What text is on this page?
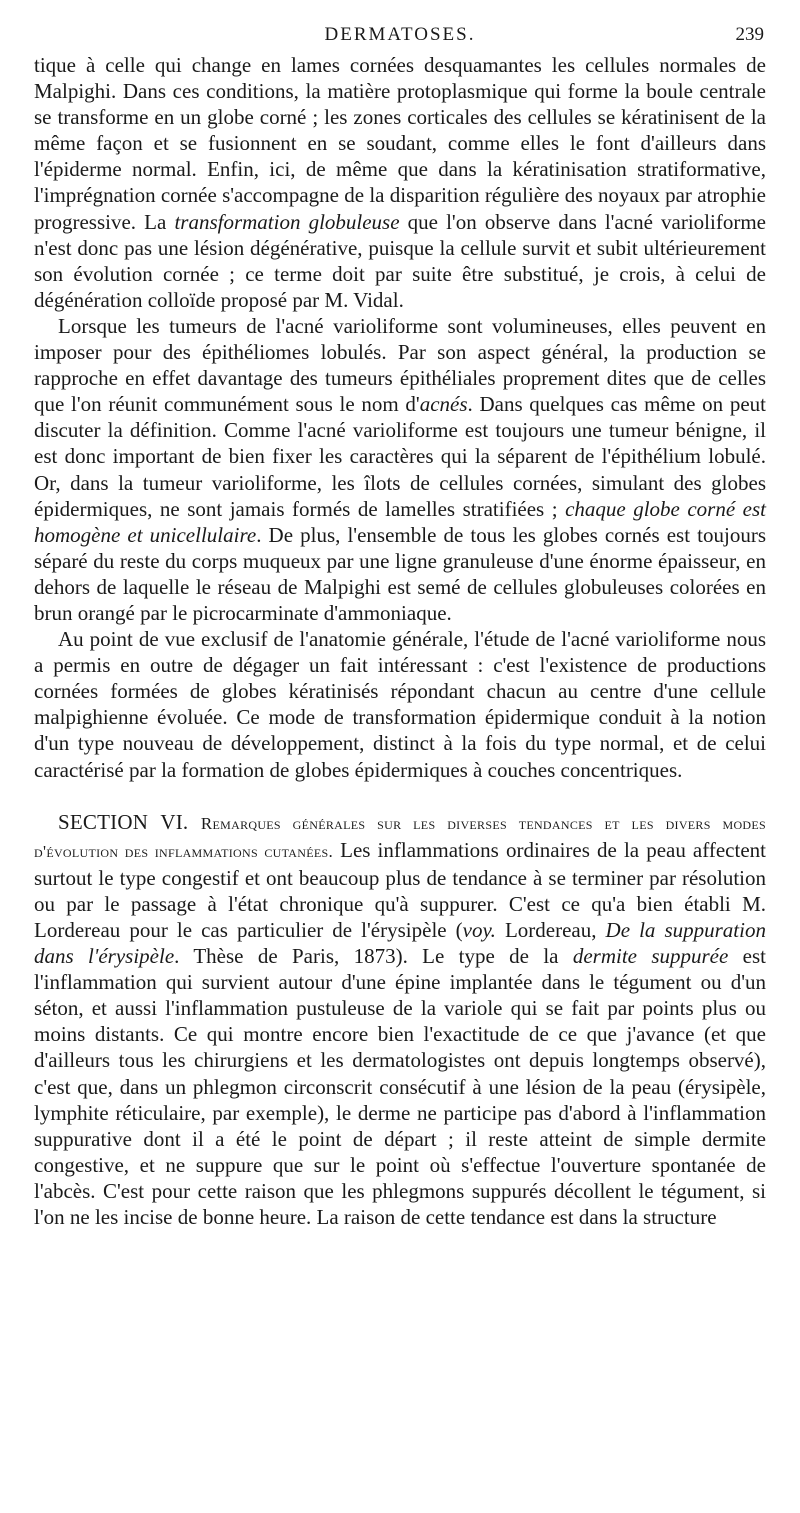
DERMATOSES.	239

tique à celle qui change en lames cornées desquamantes les cellules normales de Malpighi. Dans ces conditions, la matière protoplasmique qui forme la boule centrale se transforme en un globe corné ; les zones corticales des cellules se kératinisent de la même façon et se fusionnent en se soudant, comme elles le font d'ailleurs dans l'épiderme normal. Enfin, ici, de même que dans la kératinisation stratiformative, l'imprégnation cornée s'accompagne de la disparition régulière des noyaux par atrophie progressive. La transformation globuleuse que l'on observe dans l'acné varioliforme n'est donc pas une lésion dégénérative, puisque la cellule survit et subit ultérieurement son évolution cornée ; ce terme doit par suite être substitué, je crois, à celui de dégénération colloïde proposé par M. Vidal.

Lorsque les tumeurs de l'acné varioliforme sont volumineuses, elles peuvent en imposer pour des épithéliomes lobulés. Par son aspect général, la production se rapproche en effet davantage des tumeurs épithéliales proprement dites que de celles que l'on réunit communément sous le nom d'acnés. Dans quelques cas même on peut discuter la définition. Comme l'acné varioliforme est toujours une tumeur bénigne, il est donc important de bien fixer les caractères qui la séparent de l'épithélium lobulé. Or, dans la tumeur varioliforme, les îlots de cellules cornées, simulant des globes épidermiques, ne sont jamais formés de lamelles stratifiées ; chaque globe corné est homogène et unicellulaire. De plus, l'ensemble de tous les globes cornés est toujours séparé du reste du corps muqueux par une ligne granuleuse d'une énorme épaisseur, en dehors de laquelle le réseau de Malpighi est semé de cellules globuleuses colorées en brun orangé par le picrocarminate d'ammoniaque.

Au point de vue exclusif de l'anatomie générale, l'étude de l'acné varioliforme nous a permis en outre de dégager un fait intéressant : c'est l'existence de productions cornées formées de globes kératinisés répondant chacun au centre d'une cellule malpighienne évoluée. Ce mode de transformation épidermique conduit à la notion d'un type nouveau de développement, distinct à la fois du type normal, et de celui caractérisé par la formation de globes épidermiques à couches concentriques.

SECTION VI. Remarques générales sur les diverses tendances et les divers modes d'évolution des inflammations cutanées. Les inflammations ordinaires de la peau affectent surtout le type congestif et ont beaucoup plus de tendance à se terminer par résolution ou par le passage à l'état chronique qu'à suppurer. C'est ce qu'a bien établi M. Lordereau pour le cas particulier de l'érysipèle (voy. Lordereau, De la suppuration dans l'érysipèle. Thèse de Paris, 1873). Le type de la dermite suppurée est l'inflammation qui survient autour d'une épine implantée dans le tégument ou d'un séton, et aussi l'inflammation pustuleuse de la variole qui se fait par points plus ou moins distants. Ce qui montre encore bien l'exactitude de ce que j'avance (et que d'ailleurs tous les chirurgiens et les dermatologistes ont depuis longtemps observé), c'est que, dans un phlegmon circonscrit consécutif à une lésion de la peau (érysipèle, lymphite réticulaire, par exemple), le derme ne participe pas d'abord à l'inflammation suppurative dont il a été le point de départ ; il reste atteint de simple dermite congestive, et ne suppure que sur le point où s'effectue l'ouverture spontanée de l'abcès. C'est pour cette raison que les phlegmons suppurés décollent le tégument, si l'on ne les incise de bonne heure. La raison de cette tendance est dans la structure
